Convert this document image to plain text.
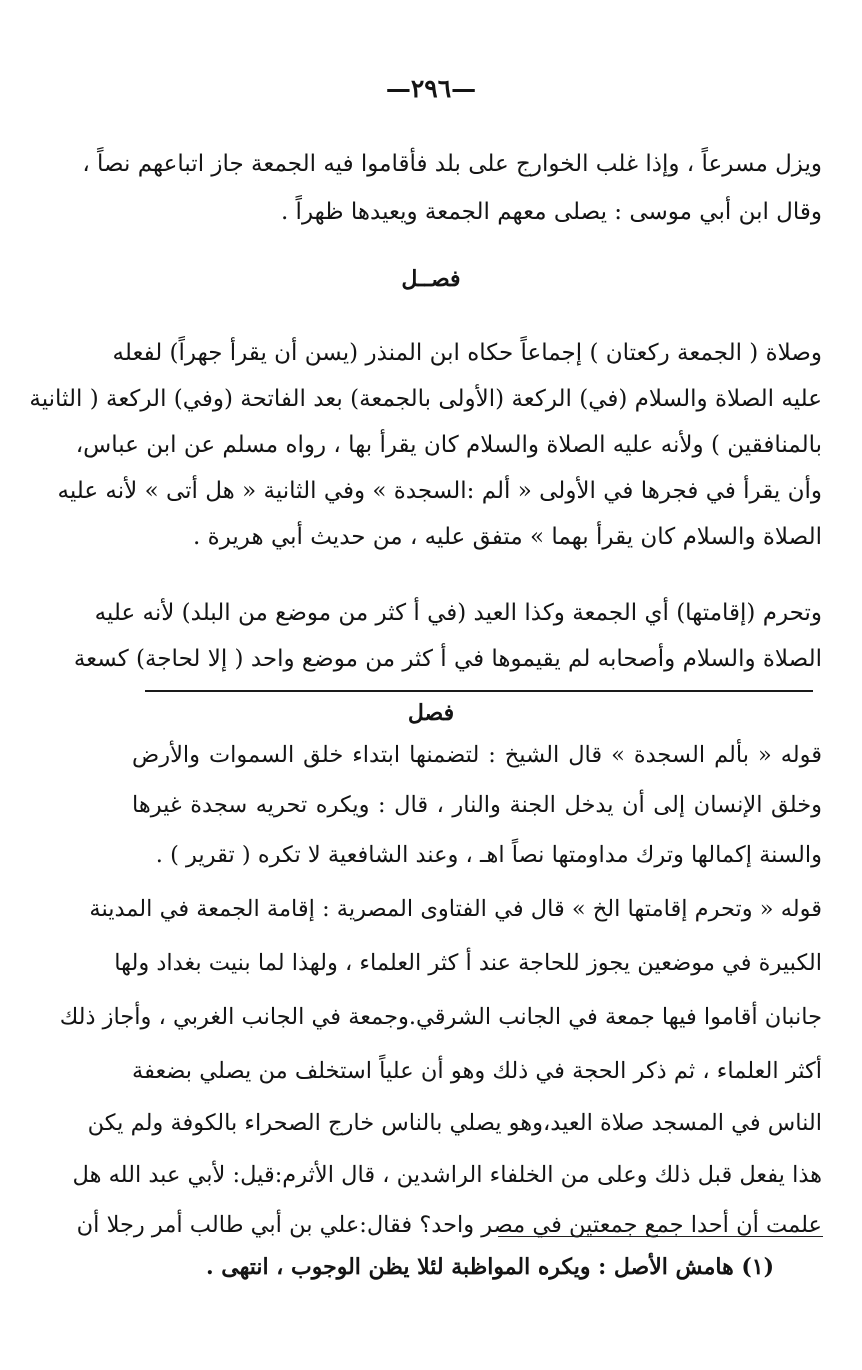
—٢٩٦—
ويزل مسرعاً ، وإذا غلب الخوارج على بلد فأقاموا فيه الجمعة جاز اتباعهم نصاً ،
وقال ابن أبي موسى : يصلى معهم الجمعة ويعيدها ظهراً .
فصــل
وصلاة ( الجمعة ركعتان ) إجماعاً حكاه ابن المنذر (يسن أن يقرأ جهراً) لفعله
عليه الصلاة والسلام (في) الركعة (الأولى بالجمعة) بعد الفاتحة (وفي) الركعة ( الثانية
بالمنافقين ) ولأنه عليه الصلاة والسلام كان يقرأ بها ، رواه مسلم عن ابن عباس،
وأن يقرأ في فجرها في الأولى « ألم :السجدة » وفي الثانية « هل أتى » لأنه عليه
الصلاة والسلام كان يقرأ بهما » متفق عليه ، من حديث أبي هريرة .
وتحرم (إقامتها) أي الجمعة وكذا العيد (في أ كثر من موضع من البلد) لأنه عليه
الصلاة والسلام وأصحابه لم يقيموها في أ كثر من موضع واحد ( إلا لحاجة) كسعة
فصل
قوله « بألم السجدة » قال الشيخ : لتضمنها ابتداء خلق السموات والأرض
وخلق الإنسان إلى أن يدخل الجنة والنار ، قال : ويكره تحريه سجدة غيرها
والسنة إكمالها وترك مداومتها نصاً اهـ ، وعند الشافعية لا تكره ( تقرير ) .
قوله « وتحرم إقامتها الخ » قال في الفتاوى المصرية : إقامة الجمعة في المدينة
الكبيرة في موضعين يجوز للحاجة عند أ كثر العلماء ، ولهذا لما بنيت بغداد ولها
جانبان أقاموا فيها جمعة في الجانب الشرقي.وجمعة في الجانب الغربي ، وأجاز ذلك
أكثر العلماء ، ثم ذكر الحجة في ذلك وهو أن علياً استخلف من يصلي بضعفة
الناس في المسجد صلاة العيد،وهو يصلي بالناس خارج الصحراء بالكوفة ولم يكن
هذا يفعل قبل ذلك وعلى من الخلفاء الراشدين ، قال الأثرم:قيل: لأبي عبد الله هل
علمت أن أحدا جمع جمعتين في مصر واحد؟ فقال:علي بن أبي طالب أمر رجلا أن
(١) هامش الأصل : ويكره المواظبة لئلا يظن الوجوب ، انتهى .
